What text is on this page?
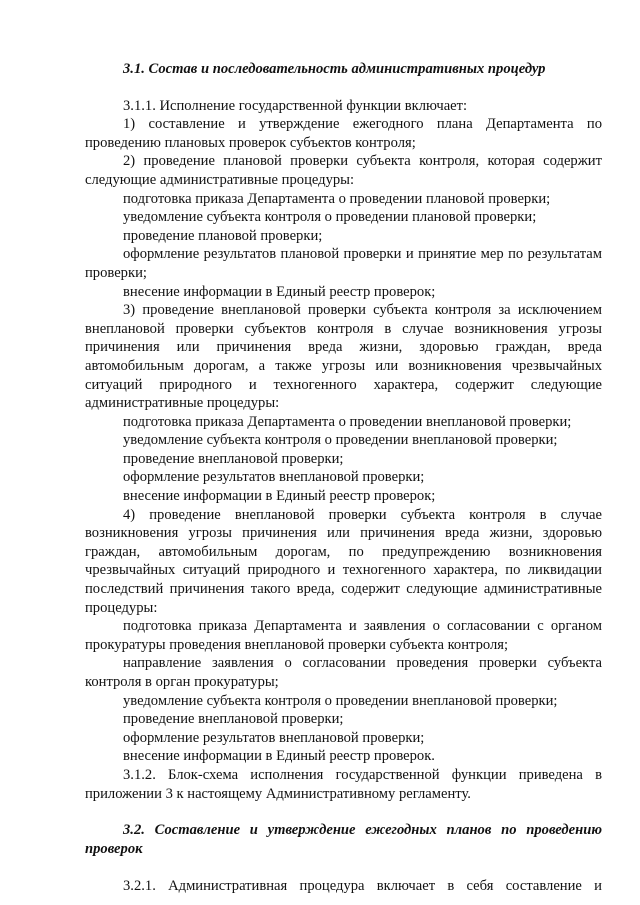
3.1. Состав и последовательность административных процедур

3.1.1. Исполнение государственной функции включает:

1) составление и утверждение ежегодного плана Департамента по проведению плановых проверок субъектов контроля;

2) проведение плановой проверки субъекта контроля, которая содержит следующие административные процедуры:

подготовка приказа Департамента о проведении плановой проверки;

уведомление субъекта контроля о проведении плановой проверки;

проведение плановой проверки;

оформление результатов плановой проверки и принятие мер по результатам проверки;

внесение информации в Единый реестр проверок;

3) проведение внеплановой проверки субъекта контроля за исключением внеплановой проверки субъектов контроля в случае возникновения угрозы причинения или причинения вреда жизни, здоровью граждан, вреда автомобильным дорогам, а также угрозы или возникновения чрезвычайных ситуаций природного и техногенного характера, содержит следующие административные процедуры:

подготовка приказа Департамента о проведении внеплановой проверки;

уведомление субъекта контроля о проведении внеплановой проверки;

проведение внеплановой проверки;

оформление результатов внеплановой проверки;

внесение информации в Единый реестр проверок;

4) проведение внеплановой проверки субъекта контроля в случае возникновения угрозы причинения или причинения вреда жизни, здоровью граждан, автомобильным дорогам, по предупреждению возникновения чрезвычайных ситуаций природного и техногенного характера, по ликвидации последствий причинения такого вреда, содержит следующие административные процедуры:

подготовка приказа Департамента и заявления о согласовании с органом прокуратуры проведения внеплановой проверки субъекта контроля;

направление заявления о согласовании проведения проверки субъекта контроля в орган прокуратуры;

уведомление субъекта контроля о проведении внеплановой проверки;

проведение внеплановой проверки;

оформление результатов внеплановой проверки;

внесение информации в Единый реестр проверок.

3.1.2. Блок-схема исполнения государственной функции приведена в приложении 3 к настоящему Административному регламенту.

3.2. Составление и утверждение ежегодных планов по проведению проверок

3.2.1. Административная процедура включает в себя составление и
